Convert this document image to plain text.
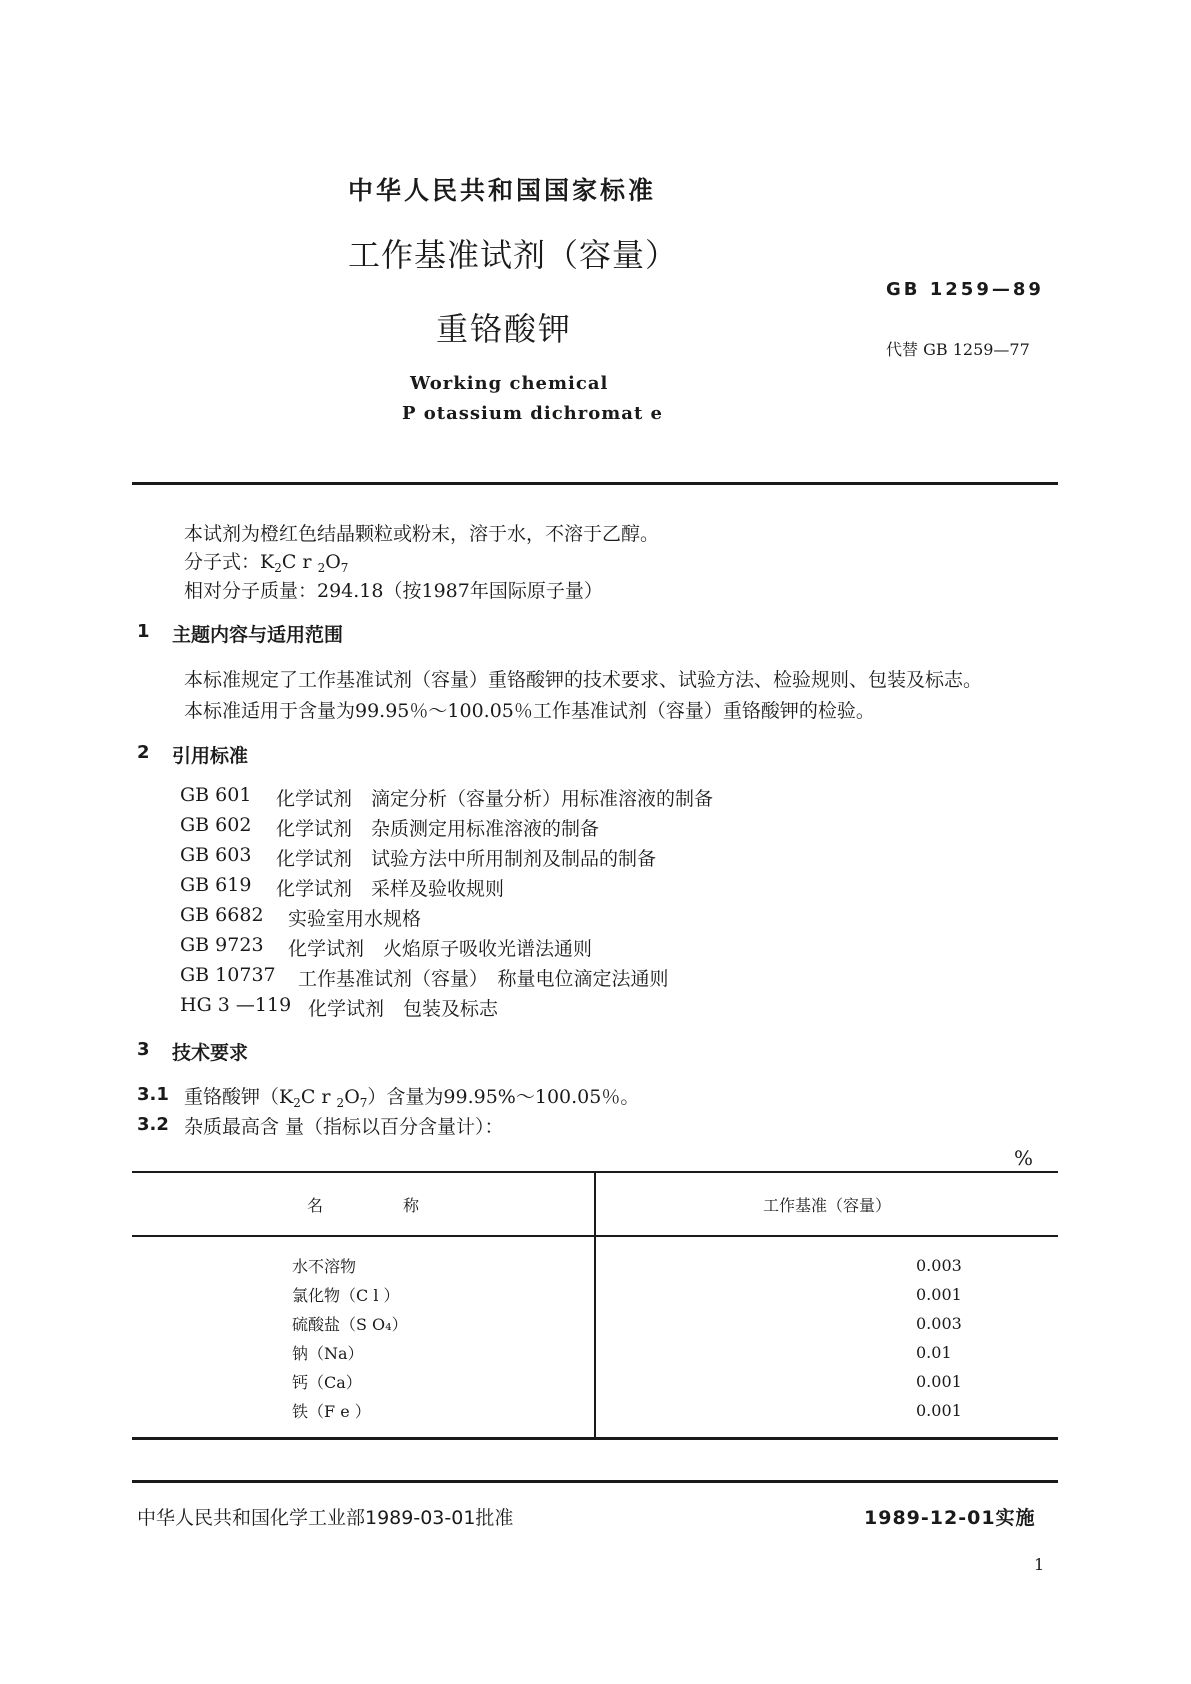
中华人民共和国国家标准
工作基准试剂（容量）
重铬酸钾
GB 1259—89
代替 GB 1259—77
Working chemical
P otassium dichromat e
本试剂为橙红色结晶颗粒或粉末，溶于水，不溶于乙醇。
分子式：$K_2C$ r $_2O_7$
相对分子质量：294.18（按1987年国际原子量）
1 主题内容与适用范围
本标准规定了工作基准试剂（容量）重铬酸钾的技术要求、试验方法、检验规则、包装及标志。
本标准适用于含量为99.95％～100.05％工作基准试剂（容量）重铬酸钾的检验。
2 引用标准
GB 601 化学试剂　滴定分析（容量分析）用标准溶液的制备
GB 602 化学试剂　杂质测定用标准溶液的制备
GB 603 化学试剂　试验方法中所用制剂及制品的制备
GB 619 化学试剂　采样及验收规则
GB 6682 实验室用水规格
GB 9723 化学试剂　火焰原子吸收光谱法通则
GB 10737 工作基准试剂（容量）　称量电位滴定法通则
HG 3 —119 化学试剂　包装及标志
3 技术要求
3.1 重铬酸钾（$K_2C$ r $_2O_7$）含量为99.95%～100.05％。
3.2 杂质最高含 量（指标以百分含量计）：
%
名　　　　　称	工作基准（容量）
水不溶物	0.003
氯化物（C l ）	0.001
硫酸盐（S O₄）	0.003
钠（Na）	0.01
钙（Ca）	0.001
铁（F e ）	0.001
中华人民共和国化学工业部1989-03-01批准	1989-12-01实施
1
